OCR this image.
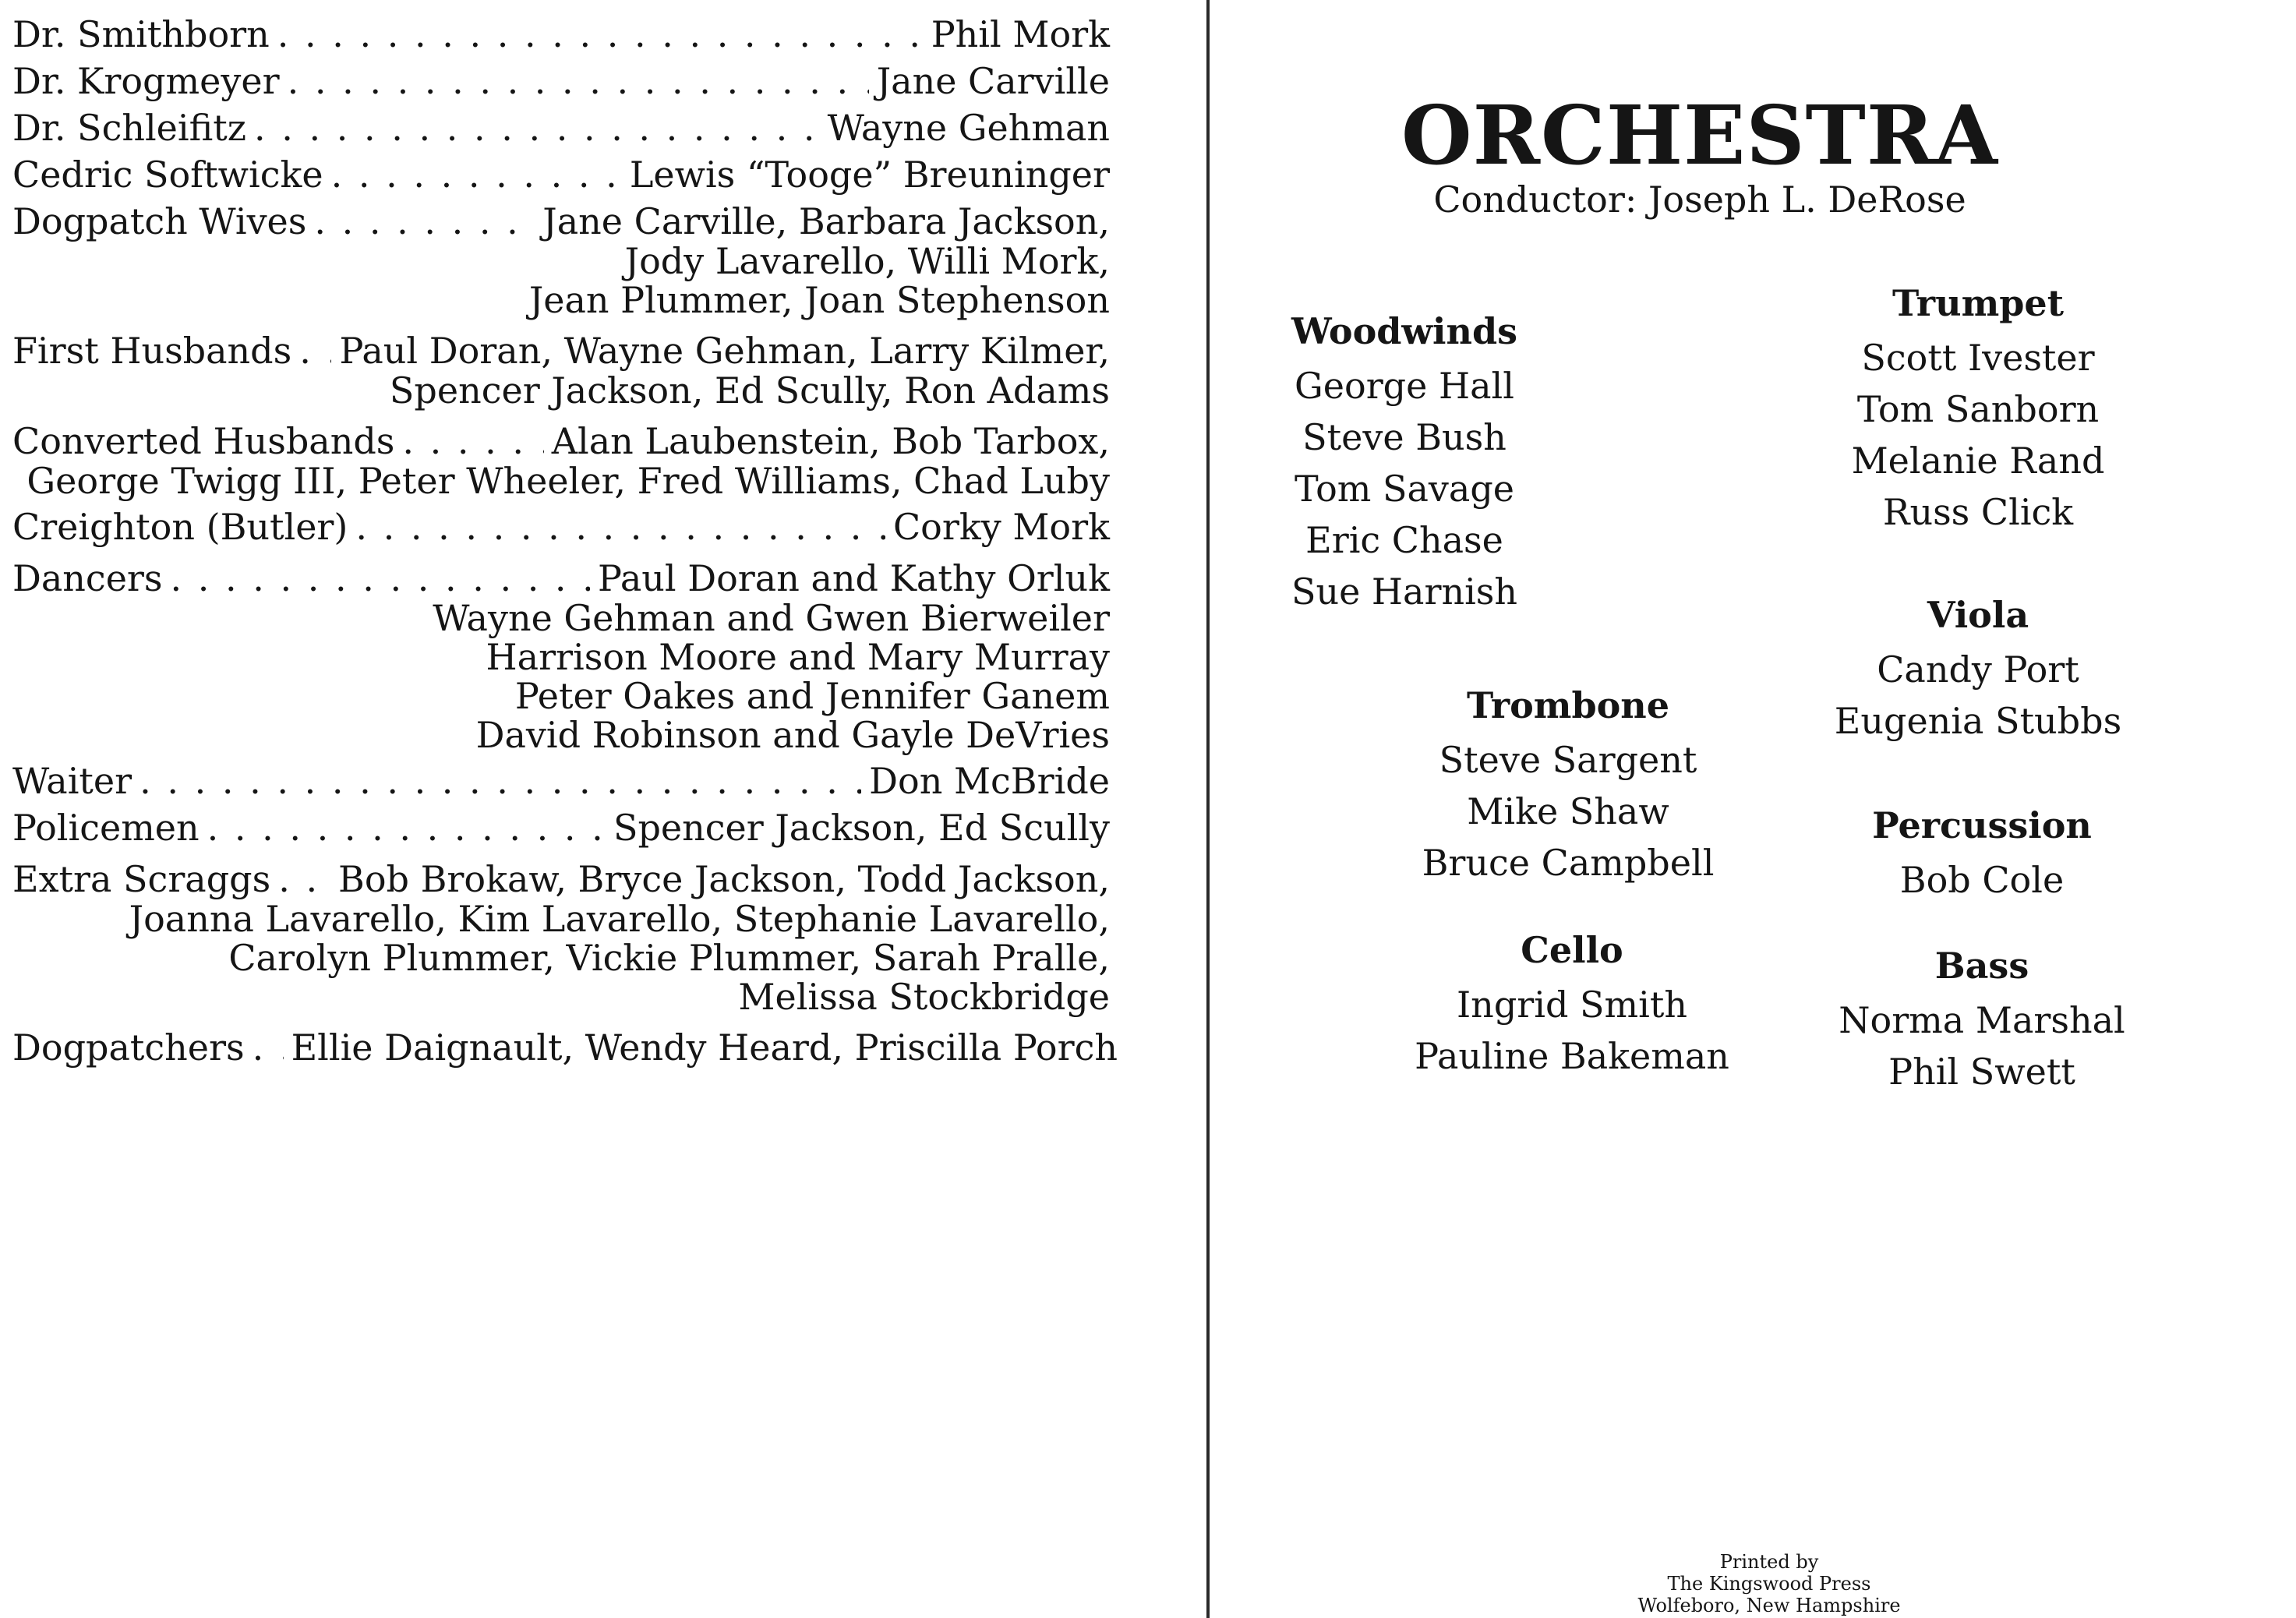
Dr. Smithborn . . .	Phil Mork
Dr. Krogmeyer . . .	Jane Carville
Dr. Schleifitz . . .	Wayne Gehman
Cedric Softwicke . . .	Lewis “Tooge” Breuninger
Dogpatch Wives . . .	Jane Carville, Barbara Jackson,
Jody Lavarello, Willi Mork,
Jean Plummer, Joan Stephenson
First Husbands . . . Paul Doran, Wayne Gehman, Larry Kilmer,
Spencer Jackson, Ed Scully, Ron Adams
Converted Husbands . . .	Alan Laubenstein, Bob Tarbox,
George Twigg III, Peter Wheeler, Fred Williams, Chad Luby
Creighton (Butler) . . .	Corky Mork
Dancers . . .	Paul Doran and Kathy Orluk
Wayne Gehman and Gwen Bierweiler
Harrison Moore and Mary Murray
Peter Oakes and Jennifer Ganem
David Robinson and Gayle DeVries
Waiter . . .	Don McBride
Policemen . . .	Spencer Jackson, Ed Scully
Extra Scraggs . . . Bob Brokaw, Bryce Jackson, Todd Jackson,
Joanna Lavarello, Kim Lavarello, Stephanie Lavarello,
Carolyn Plummer, Vickie Plummer, Sarah Pralle,
Melissa Stockbridge
Dogpatchers . . . Ellie Daignault, Wendy Heard, Priscilla Porch
ORCHESTRA
Conductor: Joseph L. DeRose
Woodwinds
George Hall
Steve Bush
Tom Savage
Eric Chase
Sue Harnish
Trombone
Steve Sargent
Mike Shaw
Bruce Campbell
Cello
Ingrid Smith
Pauline Bakeman
Trumpet
Scott Ivester
Tom Sanborn
Melanie Rand
Russ Click
Viola
Candy Port
Eugenia Stubbs
Percussion
Bob Cole
Bass
Norma Marshal
Phil Swett
Printed by
The Kingswood Press
Wolfeboro, New Hampshire
